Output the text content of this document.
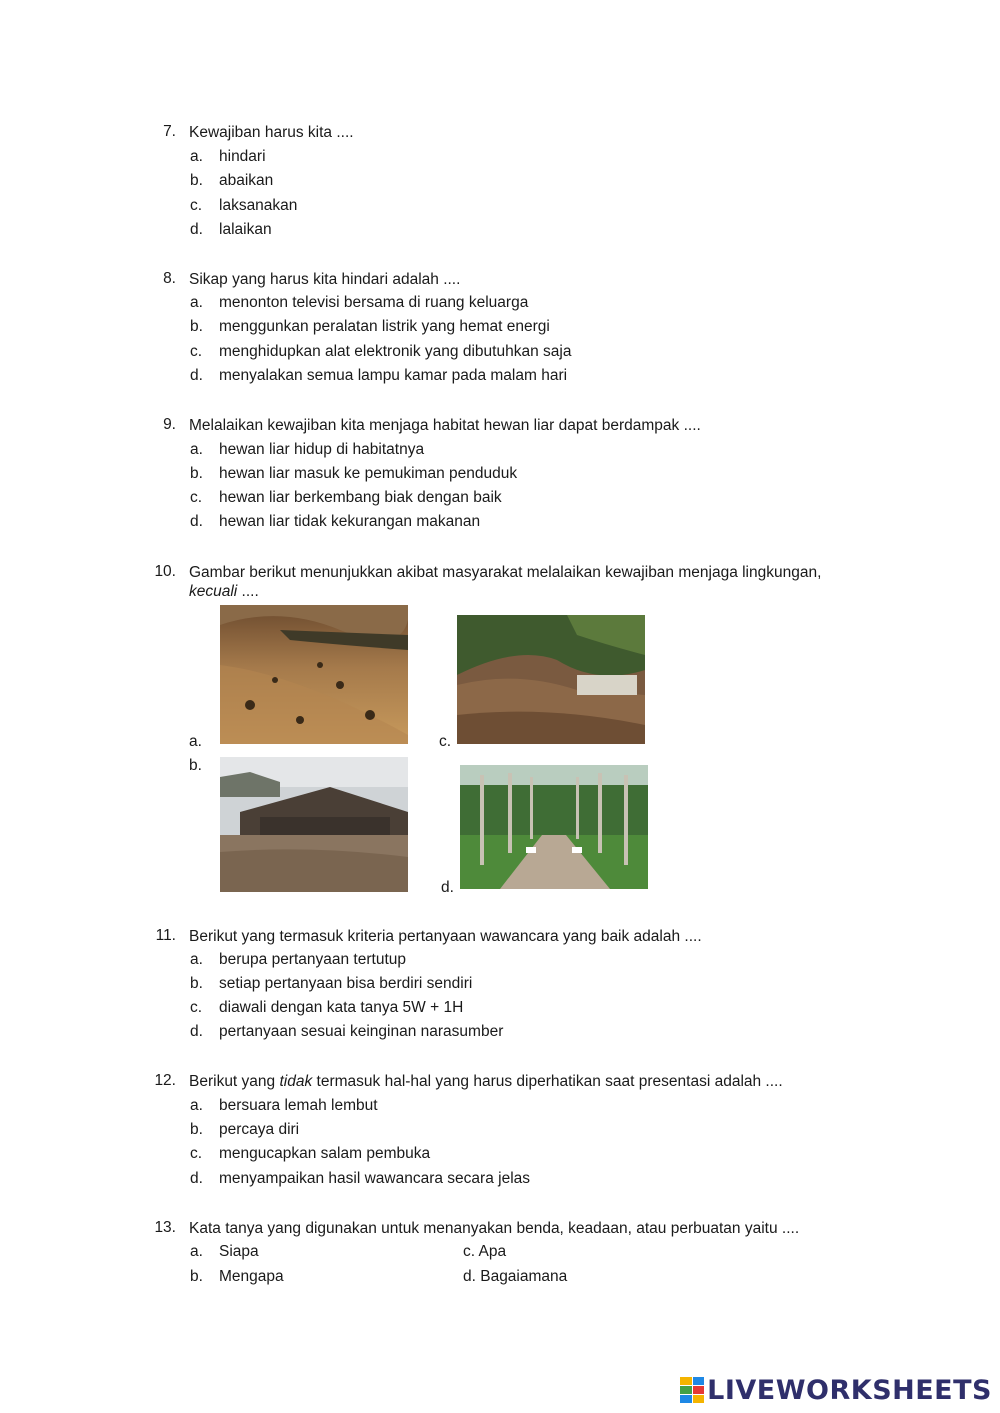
7. Kewajiban harus kita ....
a. hindari
b. abaikan
c. laksanakan
d. lalaikan
8. Sikap yang harus kita hindari adalah ....
a. menonton televisi bersama di ruang keluarga
b. menggunkan peralatan listrik yang hemat energi
c. menghidupkan alat elektronik yang dibutuhkan saja
d. menyalakan semua lampu kamar pada malam hari
9. Melalaikan kewajiban kita menjaga habitat hewan liar dapat berdampak ....
a. hewan liar hidup di habitatnya
b. hewan liar masuk ke pemukiman penduduk
c. hewan liar berkembang biak dengan baik
d. hewan liar tidak kekurangan makanan
10. Gambar berikut menunjukkan akibat masyarakat melalaikan kewajiban menjaga lingkungan,
kecuali ....
a.	c.
b.
d.
11. Berikut yang termasuk kriteria pertanyaan wawancara yang baik adalah ....
a. berupa pertanyaan tertutup
b. setiap pertanyaan bisa berdiri sendiri
c. diawali dengan kata tanya 5W + 1H
d. pertanyaan sesuai keinginan narasumber
12. Berikut yang tidak termasuk hal-hal yang harus diperhatikan saat presentasi adalah ....
a. bersuara lemah lembut
b. percaya diri
c. mengucapkan salam pembuka
d. menyampaikan hasil wawancara secara jelas
13. Kata tanya yang digunakan untuk menanyakan benda, keadaan, atau perbuatan yaitu ....
a. Siapa
b. Mengapa
c. Apa
d. Bagaiamana
LIVEWORKSHEETS
